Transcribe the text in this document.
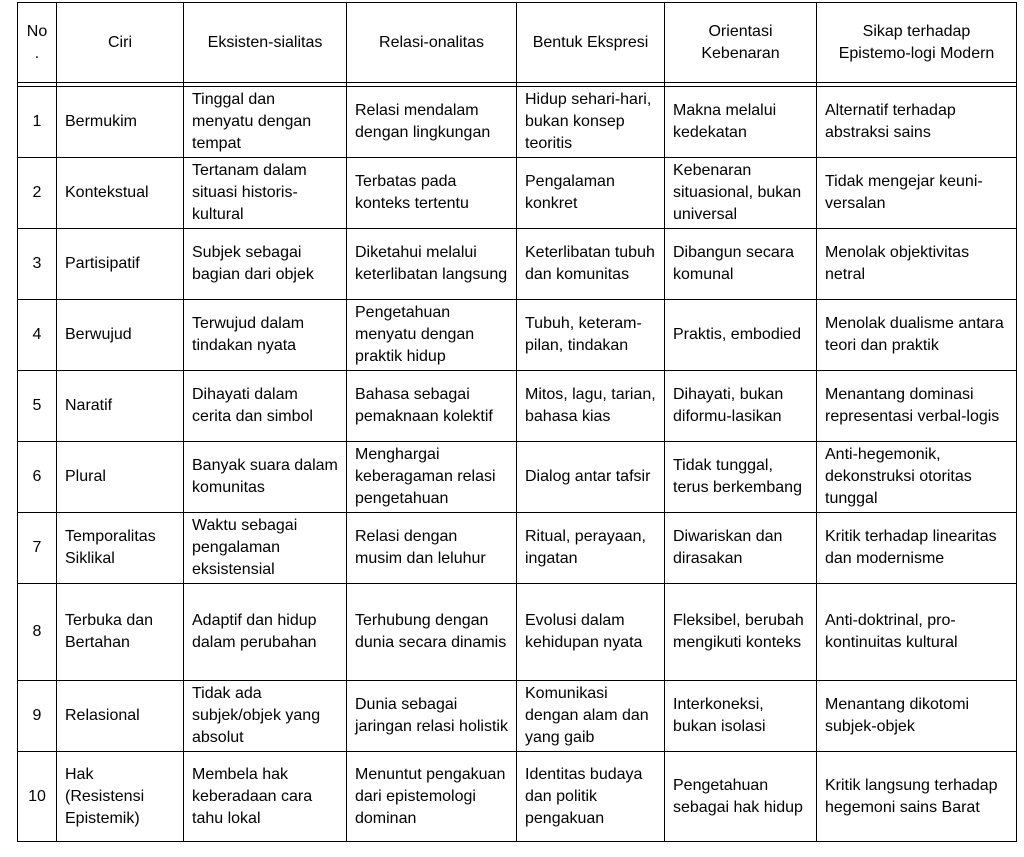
No.	Ciri	Eksisten-sialitas	Relasi-onalitas	Bentuk Ekspresi	Orientasi Kebenaran	Sikap terhadap Epistemo-logi Modern

1	Bermukim	Tinggal dan menyatu dengan tempat	Relasi mendalam dengan lingkungan	Hidup sehari-hari, bukan konsep teoritis	Makna melalui kedekatan	Alternatif terhadap abstraksi sains
2	Kontekstual	Tertanam dalam situasi historis-kultural	Terbatas pada konteks tertentu	Pengalaman konkret	Kebenaran situasional, bukan universal	Tidak mengejar keuni-versalan
3	Partisipatif	Subjek sebagai bagian dari objek	Diketahui melalui keterlibatan langsung	Keterlibatan tubuh dan komunitas	Dibangun secara komunal	Menolak objektivitas netral
4	Berwujud	Terwujud dalam tindakan nyata	Pengetahuan menyatu dengan praktik hidup	Tubuh, keteram-pilan, tindakan	Praktis, embodied	Menolak dualisme antara teori dan praktik
5	Naratif	Dihayati dalam cerita dan simbol	Bahasa sebagai pemaknaan kolektif	Mitos, lagu, tarian, bahasa kias	Dihayati, bukan diformu-lasikan	Menantang dominasi representasi verbal-logis
6	Plural	Banyak suara dalam komunitas	Menghargai keberagaman relasi pengetahuan	Dialog antar tafsir	Tidak tunggal, terus berkembang	Anti-hegemonik, dekonstruksi otoritas tunggal
7	Temporalitas Siklikal	Waktu sebagai pengalaman eksistensial	Relasi dengan musim dan leluhur	Ritual, perayaan, ingatan	Diwariskan dan dirasakan	Kritik terhadap linearitas dan modernisme
8	Terbuka dan Bertahan	Adaptif dan hidup dalam perubahan	Terhubung dengan dunia secara dinamis	Evolusi dalam kehidupan nyata	Fleksibel, berubah mengikuti konteks	Anti-doktrinal, pro-kontinuitas kultural
9	Relasional	Tidak ada subjek/objek yang absolut	Dunia sebagai jaringan relasi holistik	Komunikasi dengan alam dan yang gaib	Interkoneksi, bukan isolasi	Menantang dikotomi subjek-objek
10	Hak (Resistensi Epistemik)	Membela hak keberadaan cara tahu lokal	Menuntut pengakuan dari epistemologi dominan	Identitas budaya dan politik pengakuan	Pengetahuan sebagai hak hidup	Kritik langsung terhadap hegemoni sains Barat
